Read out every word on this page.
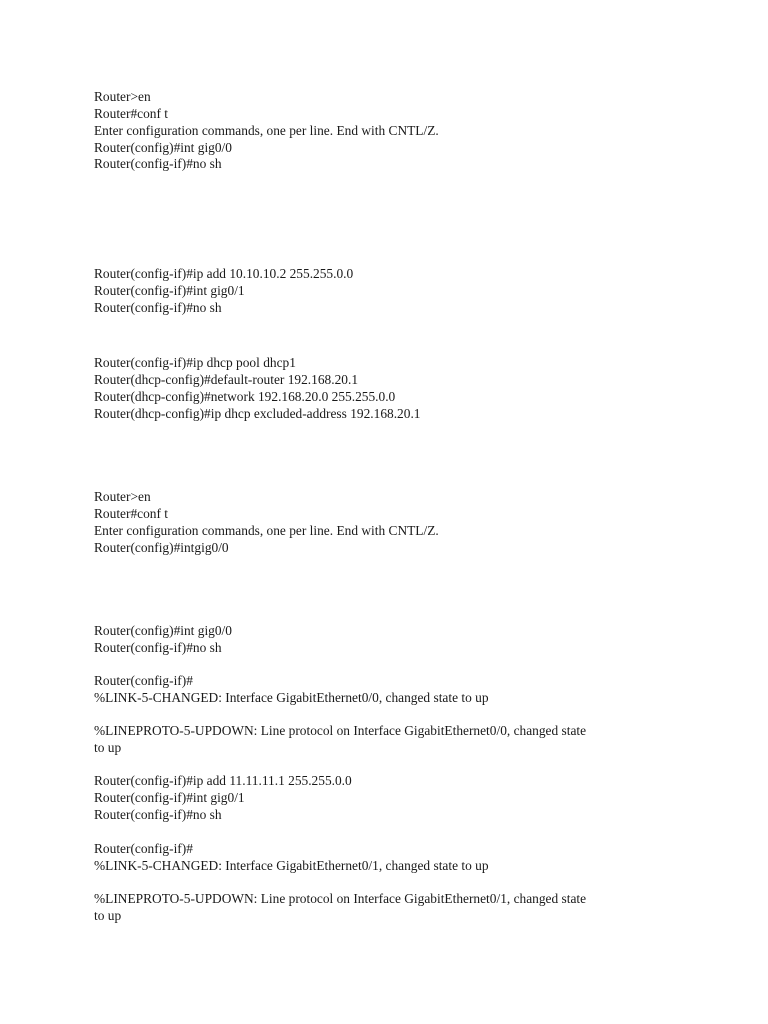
Router>en

Router#conf t

Enter configuration commands, one per line. End with CNTL/Z.

Router(config)#int gig0/0

Router(config-if)#no sh

Router(config-if)#ip add 10.10.10.2 255.255.0.0

Router(config-if)#int gig0/1

Router(config-if)#no sh

Router(config-if)#ip dhcp pool dhcp1

Router(dhcp-config)#default-router 192.168.20.1

Router(dhcp-config)#network 192.168.20.0 255.255.0.0

Router(dhcp-config)#ip dhcp excluded-address 192.168.20.1

Router>en

Router#conf t

Enter configuration commands, one per line. End with CNTL/Z.

Router(config)#intgig0/0

Router(config)#int gig0/0

Router(config-if)#no sh

Router(config-if)#

%LINK-5-CHANGED: Interface GigabitEthernet0/0, changed state to up

%LINEPROTO-5-UPDOWN: Line protocol on Interface GigabitEthernet0/0, changed state

to up

Router(config-if)#ip add 11.11.11.1 255.255.0.0

Router(config-if)#int gig0/1

Router(config-if)#no sh

Router(config-if)#

%LINK-5-CHANGED: Interface GigabitEthernet0/1, changed state to up

%LINEPROTO-5-UPDOWN: Line protocol on Interface GigabitEthernet0/1, changed state

to up
